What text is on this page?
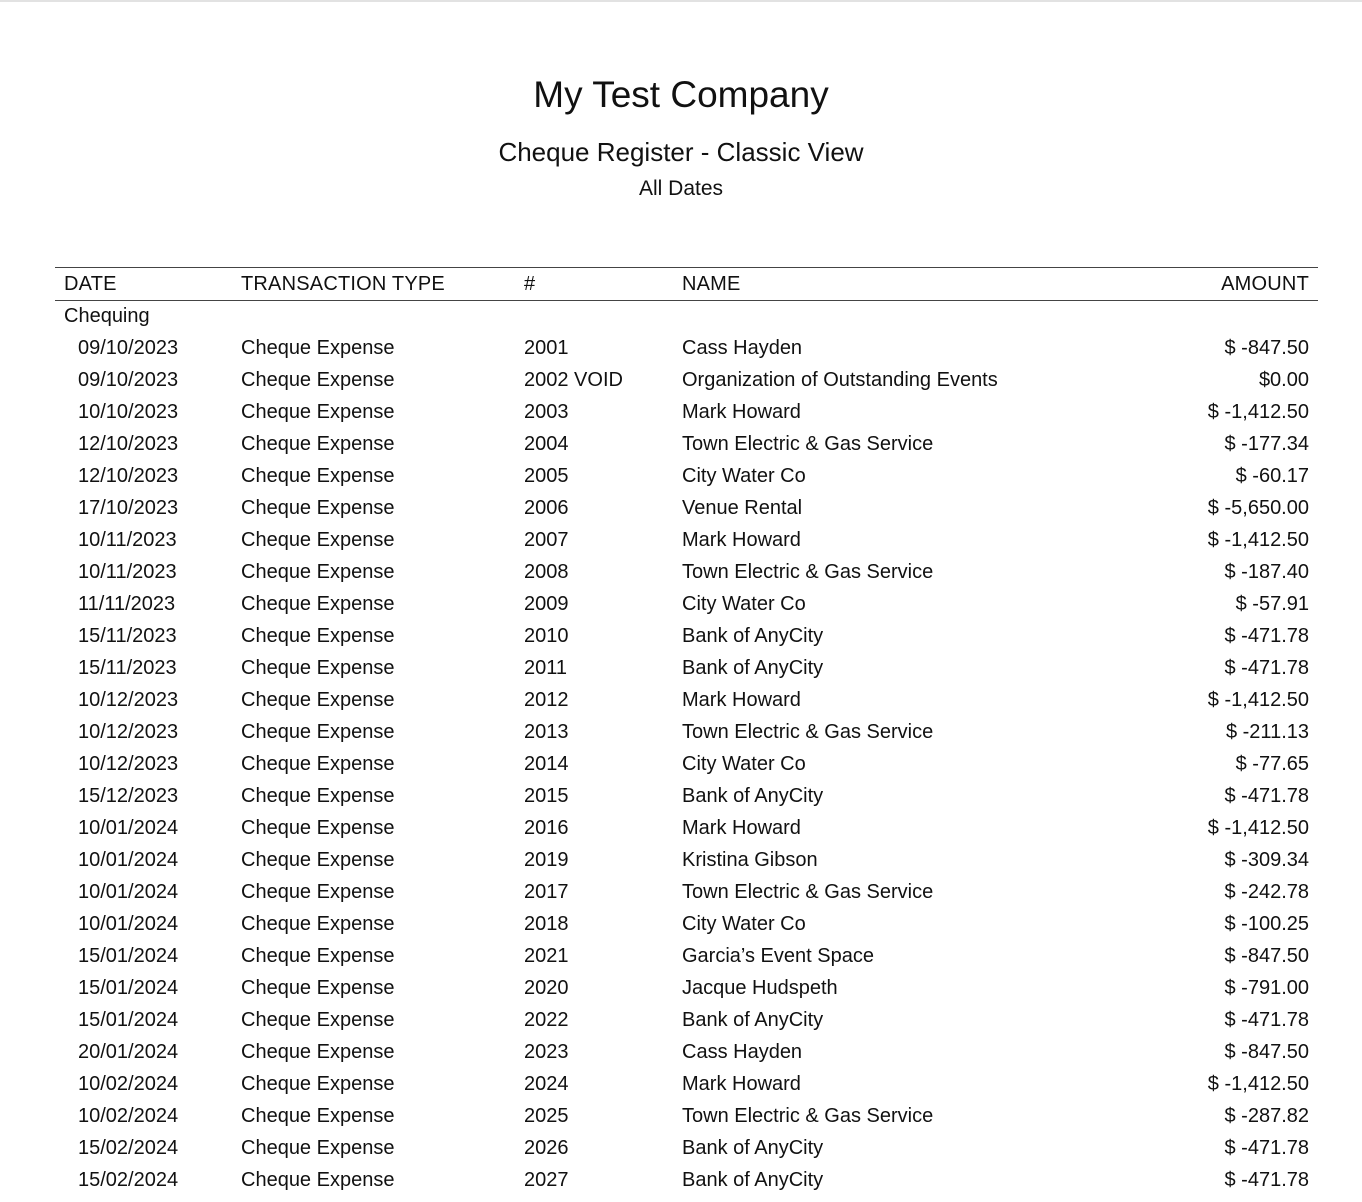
My Test Company
Cheque Register - Classic View
All Dates
DATE	TRANSACTION TYPE	#	NAME	AMOUNT
Chequing				
09/10/2023	Cheque Expense	2001	Cass Hayden	$ -847.50
09/10/2023	Cheque Expense	2002 VOID	Organization of Outstanding Events	$0.00
10/10/2023	Cheque Expense	2003	Mark Howard	$ -1,412.50
12/10/2023	Cheque Expense	2004	Town Electric & Gas Service	$ -177.34
12/10/2023	Cheque Expense	2005	City Water Co	$ -60.17
17/10/2023	Cheque Expense	2006	Venue Rental	$ -5,650.00
10/11/2023	Cheque Expense	2007	Mark Howard	$ -1,412.50
10/11/2023	Cheque Expense	2008	Town Electric & Gas Service	$ -187.40
11/11/2023	Cheque Expense	2009	City Water Co	$ -57.91
15/11/2023	Cheque Expense	2010	Bank of AnyCity	$ -471.78
15/11/2023	Cheque Expense	2011	Bank of AnyCity	$ -471.78
10/12/2023	Cheque Expense	2012	Mark Howard	$ -1,412.50
10/12/2023	Cheque Expense	2013	Town Electric & Gas Service	$ -211.13
10/12/2023	Cheque Expense	2014	City Water Co	$ -77.65
15/12/2023	Cheque Expense	2015	Bank of AnyCity	$ -471.78
10/01/2024	Cheque Expense	2016	Mark Howard	$ -1,412.50
10/01/2024	Cheque Expense	2019	Kristina Gibson	$ -309.34
10/01/2024	Cheque Expense	2017	Town Electric & Gas Service	$ -242.78
10/01/2024	Cheque Expense	2018	City Water Co	$ -100.25
15/01/2024	Cheque Expense	2021	Garcia’s Event Space	$ -847.50
15/01/2024	Cheque Expense	2020	Jacque Hudspeth	$ -791.00
15/01/2024	Cheque Expense	2022	Bank of AnyCity	$ -471.78
20/01/2024	Cheque Expense	2023	Cass Hayden	$ -847.50
10/02/2024	Cheque Expense	2024	Mark Howard	$ -1,412.50
10/02/2024	Cheque Expense	2025	Town Electric & Gas Service	$ -287.82
15/02/2024	Cheque Expense	2026	Bank of AnyCity	$ -471.78
15/02/2024	Cheque Expense	2027	Bank of AnyCity	$ -471.78
